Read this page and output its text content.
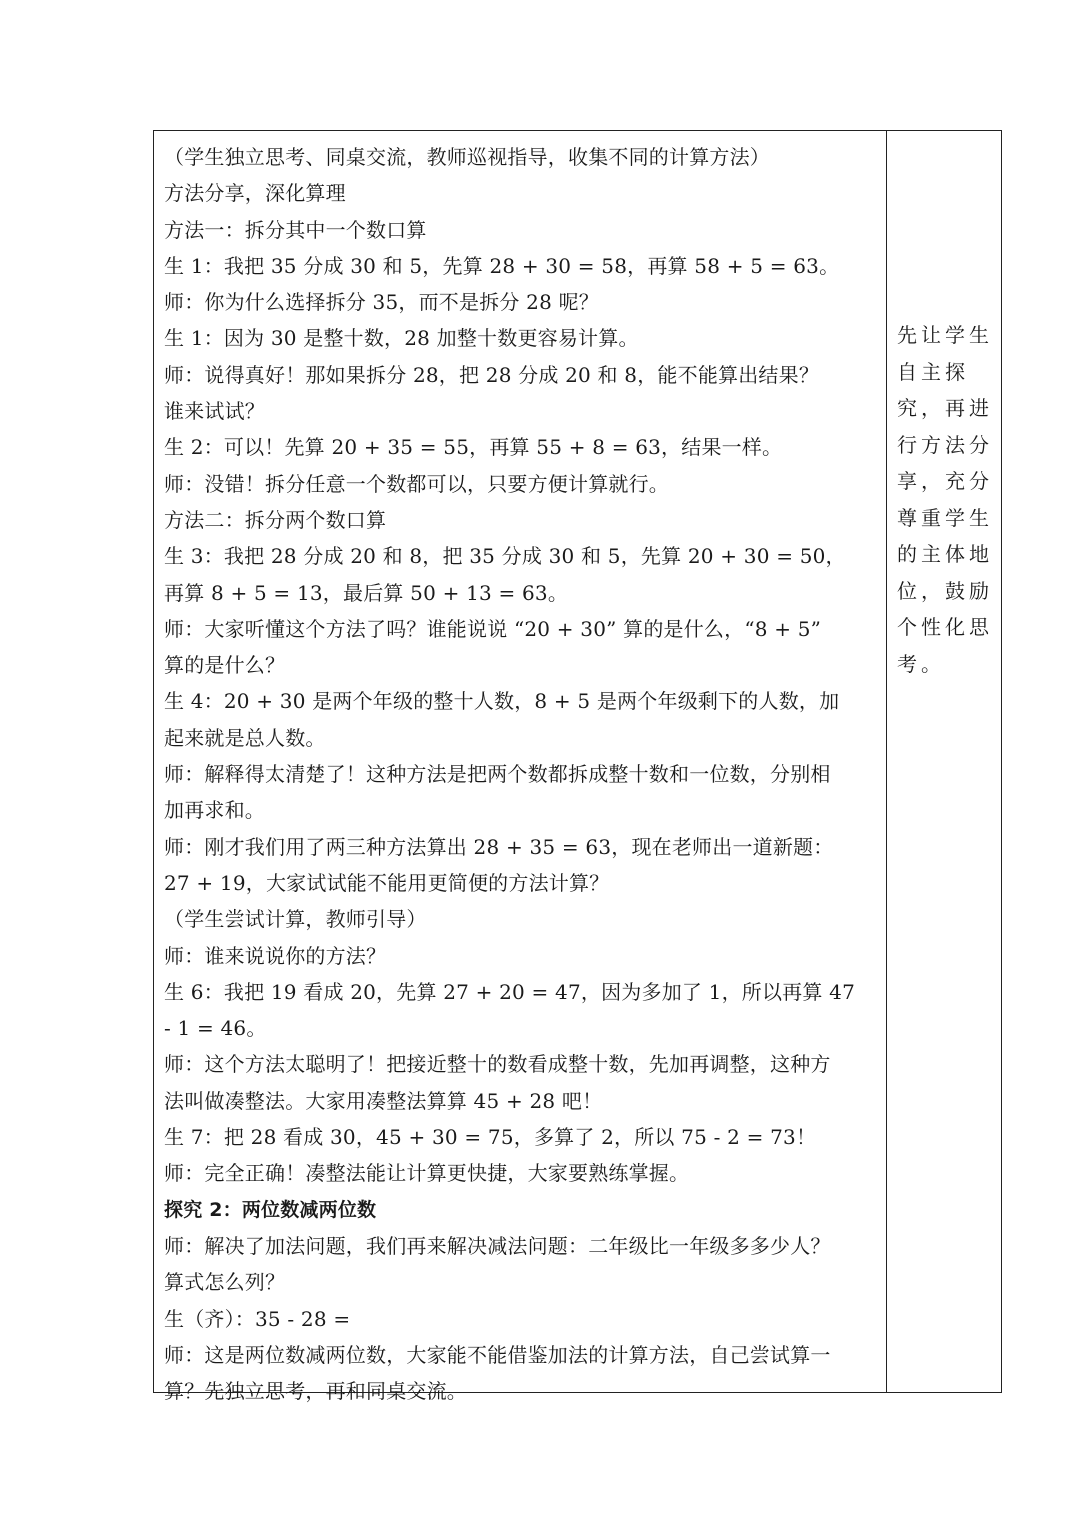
（学生独立思考、同桌交流，教师巡视指导，收集不同的计算方法）
方法分享，深化算理
方法一：拆分其中一个数口算
生 1：我把 35 分成 30 和 5，先算 28 + 30 = 58，再算 58 + 5 = 63。
师：你为什么选择拆分 35，而不是拆分 28 呢？
生 1：因为 30 是整十数，28 加整十数更容易计算。
师：说得真好！那如果拆分 28，把 28 分成 20 和 8，能不能算出结果？
谁来试试？
生 2：可以！先算 20 + 35 = 55，再算 55 + 8 = 63，结果一样。
师：没错！拆分任意一个数都可以，只要方便计算就行。
方法二：拆分两个数口算
生 3：我把 28 分成 20 和 8，把 35 分成 30 和 5，先算 20 + 30 = 50，
再算 8 + 5 = 13，最后算 50 + 13 = 63。
师：大家听懂这个方法了吗？谁能说说 “20 + 30” 算的是什么，“8 + 5”
算的是什么？
生 4：20 + 30 是两个年级的整十人数，8 + 5 是两个年级剩下的人数，加
起来就是总人数。
师：解释得太清楚了！这种方法是把两个数都拆成整十数和一位数，分别相
加再求和。
师：刚才我们用了两三种方法算出 28 + 35 = 63，现在老师出一道新题：
27 + 19，大家试试能不能用更简便的方法计算？
（学生尝试计算，教师引导）
师：谁来说说你的方法？
生 6：我把 19 看成 20，先算 27 + 20 = 47，因为多加了 1，所以再算 47
- 1 = 46。
师：这个方法太聪明了！把接近整十的数看成整十数，先加再调整，这种方
法叫做凑整法。大家用凑整法算算 45 + 28 吧！
生 7：把 28 看成 30，45 + 30 = 75，多算了 2，所以 75 - 2 = 73！
师：完全正确！凑整法能让计算更快捷，大家要熟练掌握。
探究 2：两位数减两位数
师：解决了加法问题，我们再来解决减法问题：二年级比一年级多多少人？
算式怎么列？
生（齐）：35 - 28 =
师：这是两位数减两位数，大家能不能借鉴加法的计算方法，自己尝试算一
算？先独立思考，再和同桌交流。
先让学生
自主探
究，再进
行方法分
享，充分
尊重学生
的主体地
位，鼓励
个性化思
考。
